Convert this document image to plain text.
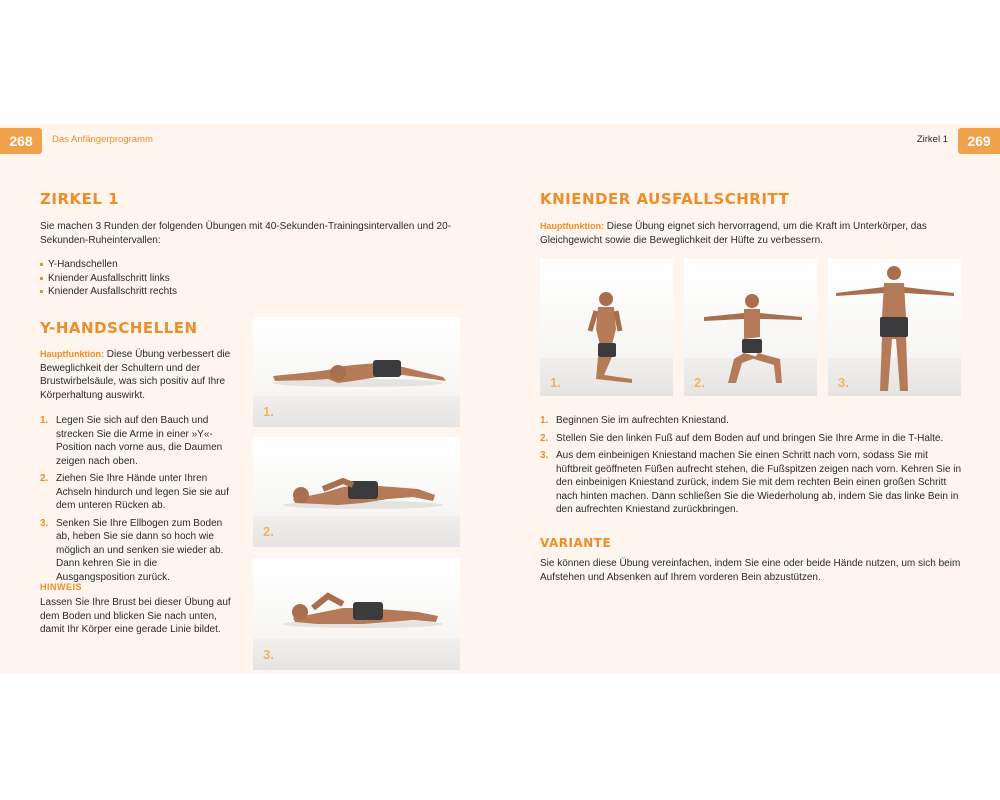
268	Das Anfängerprogramm
ZIRKEL 1

Sie machen 3 Runden der folgenden Übungen mit 40-Sekunden-Trainingsintervallen und 20-Sekunden-Ruheintervallen:

Y-Handschellen
Kniender Ausfallschritt links
Kniender Ausfallschritt rechts
Y-HANDSCHELLEN

Hauptfunktion: Diese Übung verbessert die Beweglichkeit der Schultern und der Brustwirbelsäule, was sich positiv auf Ihre Körperhaltung auswirkt.

1. Legen Sie sich auf den Bauch und strecken Sie die Arme in einer »Y«-Position nach vorne aus, die Daumen zeigen nach oben.
2. Ziehen Sie Ihre Hände unter Ihren Achseln hindurch und legen Sie sie auf dem unteren Rücken ab.
3. Senken Sie Ihre Ellbogen zum Boden ab, heben Sie sie dann so hoch wie möglich an und senken sie wieder ab. Dann kehren Sie in die Ausgangsposition zurück.
HINWEIS

Lassen Sie Ihre Brust bei dieser Übung auf dem Boden und blicken Sie nach unten, damit Ihr Körper eine gerade Linie bildet.

1.
2.
3.
Zirkel 1	269
KNIENDER AUSFALLSCHRITT

Hauptfunktion: Diese Übung eignet sich hervorragend, um die Kraft im Unterkörper, das Gleichgewicht sowie die Beweglichkeit der Hüfte zu verbessern.

1.	2.	3.
1. Beginnen Sie im aufrechten Kniestand.
2. Stellen Sie den linken Fuß auf dem Boden auf und bringen Sie Ihre Arme in die T-Halte.
3. Aus dem einbeinigen Kniestand machen Sie einen Schritt nach vorn, sodass Sie mit hüftbreit geöffneten Füßen aufrecht stehen, die Fußspitzen zeigen nach vorn. Kehren Sie in den einbeinigen Kniestand zurück, indem Sie mit dem rechten Bein einen großen Schritt nach hinten machen. Dann schließen Sie die Wiederholung ab, indem Sie das linke Bein in den aufrechten Kniestand zurückbringen.
VARIANTE

Sie können diese Übung vereinfachen, indem Sie eine oder beide Hände nutzen, um sich beim Aufstehen und Absenken auf Ihrem vorderen Bein abzustützen.
